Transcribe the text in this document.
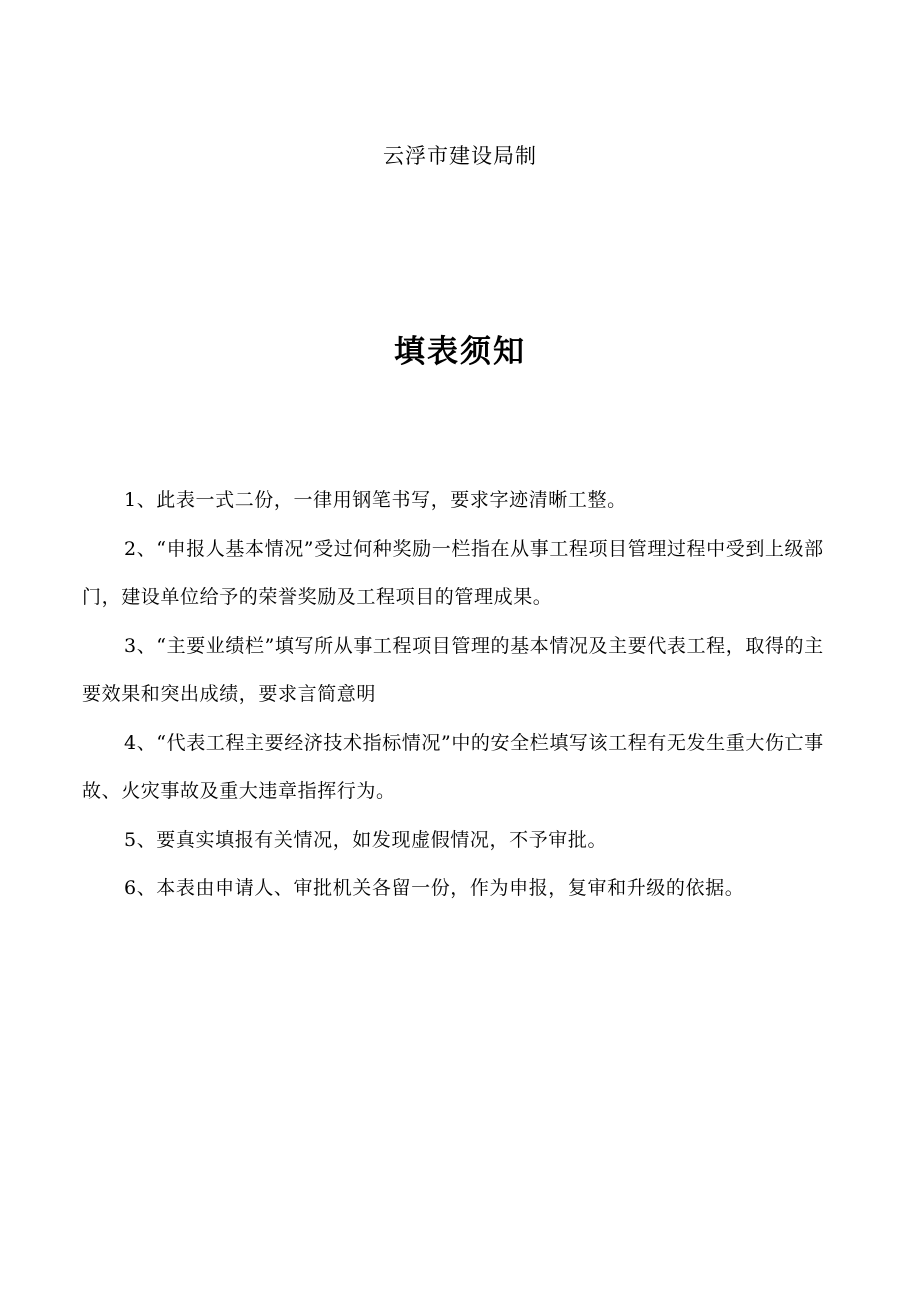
云浮市建设局制
填表须知

1、此表一式二份，一律用钢笔书写，要求字迹清晰工整。

2、“申报人基本情况”受过何种奖励一栏指在从事工程项目管理过程中受到上级部门，建设单位给予的荣誉奖励及工程项目的管理成果。

3、“主要业绩栏”填写所从事工程项目管理的基本情况及主要代表工程，取得的主要效果和突出成绩，要求言简意明

4、“代表工程主要经济技术指标情况”中的安全栏填写该工程有无发生重大伤亡事故、火灾事故及重大违章指挥行为。

5、要真实填报有关情况，如发现虚假情况，不予审批。

6、本表由申请人、审批机关各留一份，作为申报，复审和升级的依据。
